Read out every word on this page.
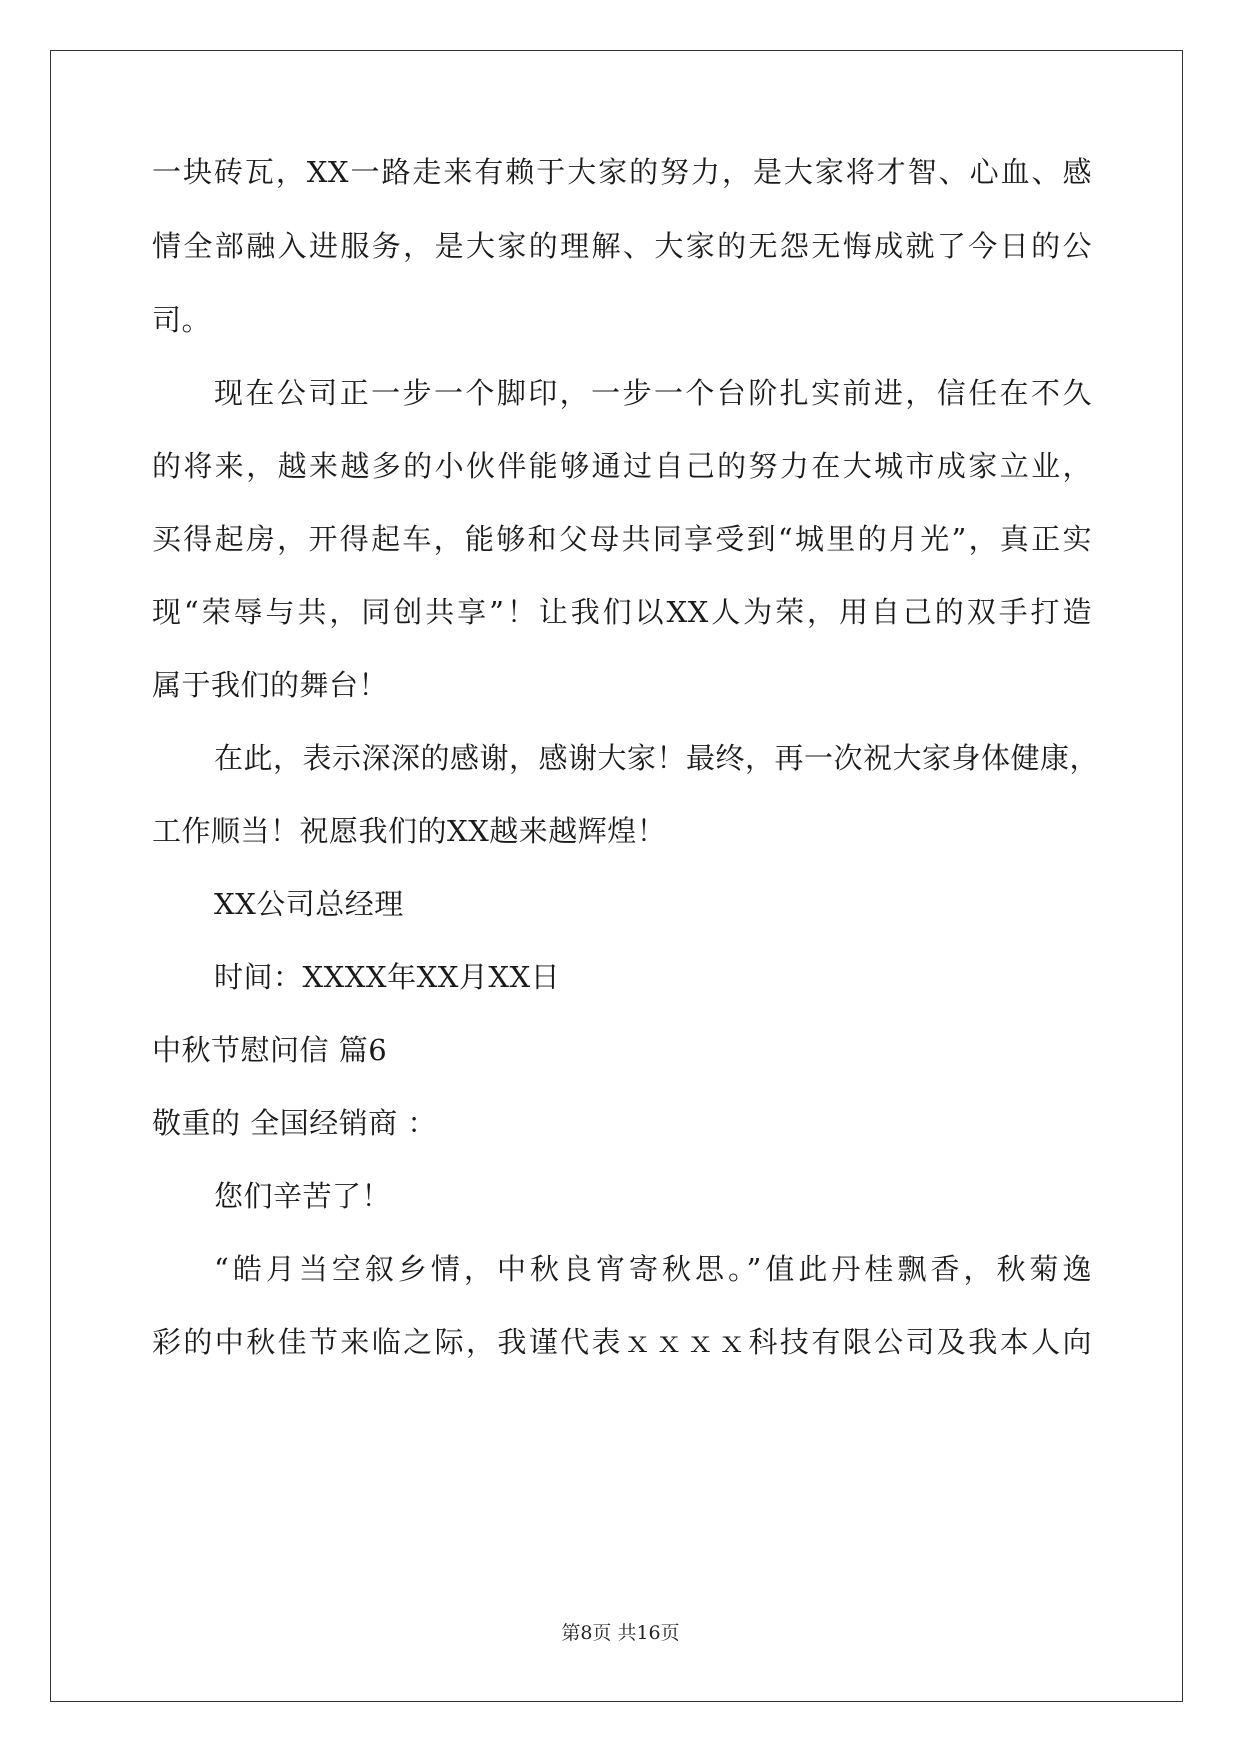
一块砖瓦，XX一路走来有赖于大家的努力，是大家将才智、心血、感
情全部融入进服务，是大家的理解、大家的无怨无悔成就了今日的公
司。
现在公司正一步一个脚印，一步一个台阶扎实前进，信任在不久
的将来，越来越多的小伙伴能够通过自己的努力在大城市成家立业，
买得起房，开得起车，能够和父母共同享受到“城里的月光”，真正实
现“荣辱与共，同创共享”！让我们以XX人为荣，用自己的双手打造
属于我们的舞台！
在此，表示深深的感谢，感谢大家！最终，再一次祝大家身体健康，
工作顺当！祝愿我们的XX越来越辉煌！
XX公司总经理
时间：XXXX年XX月XX日
中秋节慰问信 篇6
敬重的 全国经销商 ：
您们辛苦了！
“皓月当空叙乡情，中秋良宵寄秋思。”值此丹桂飘香，秋菊逸
彩的中秋佳节来临之际，我谨代表ｘｘｘｘ科技有限公司及我本人向
第8页 共16页
